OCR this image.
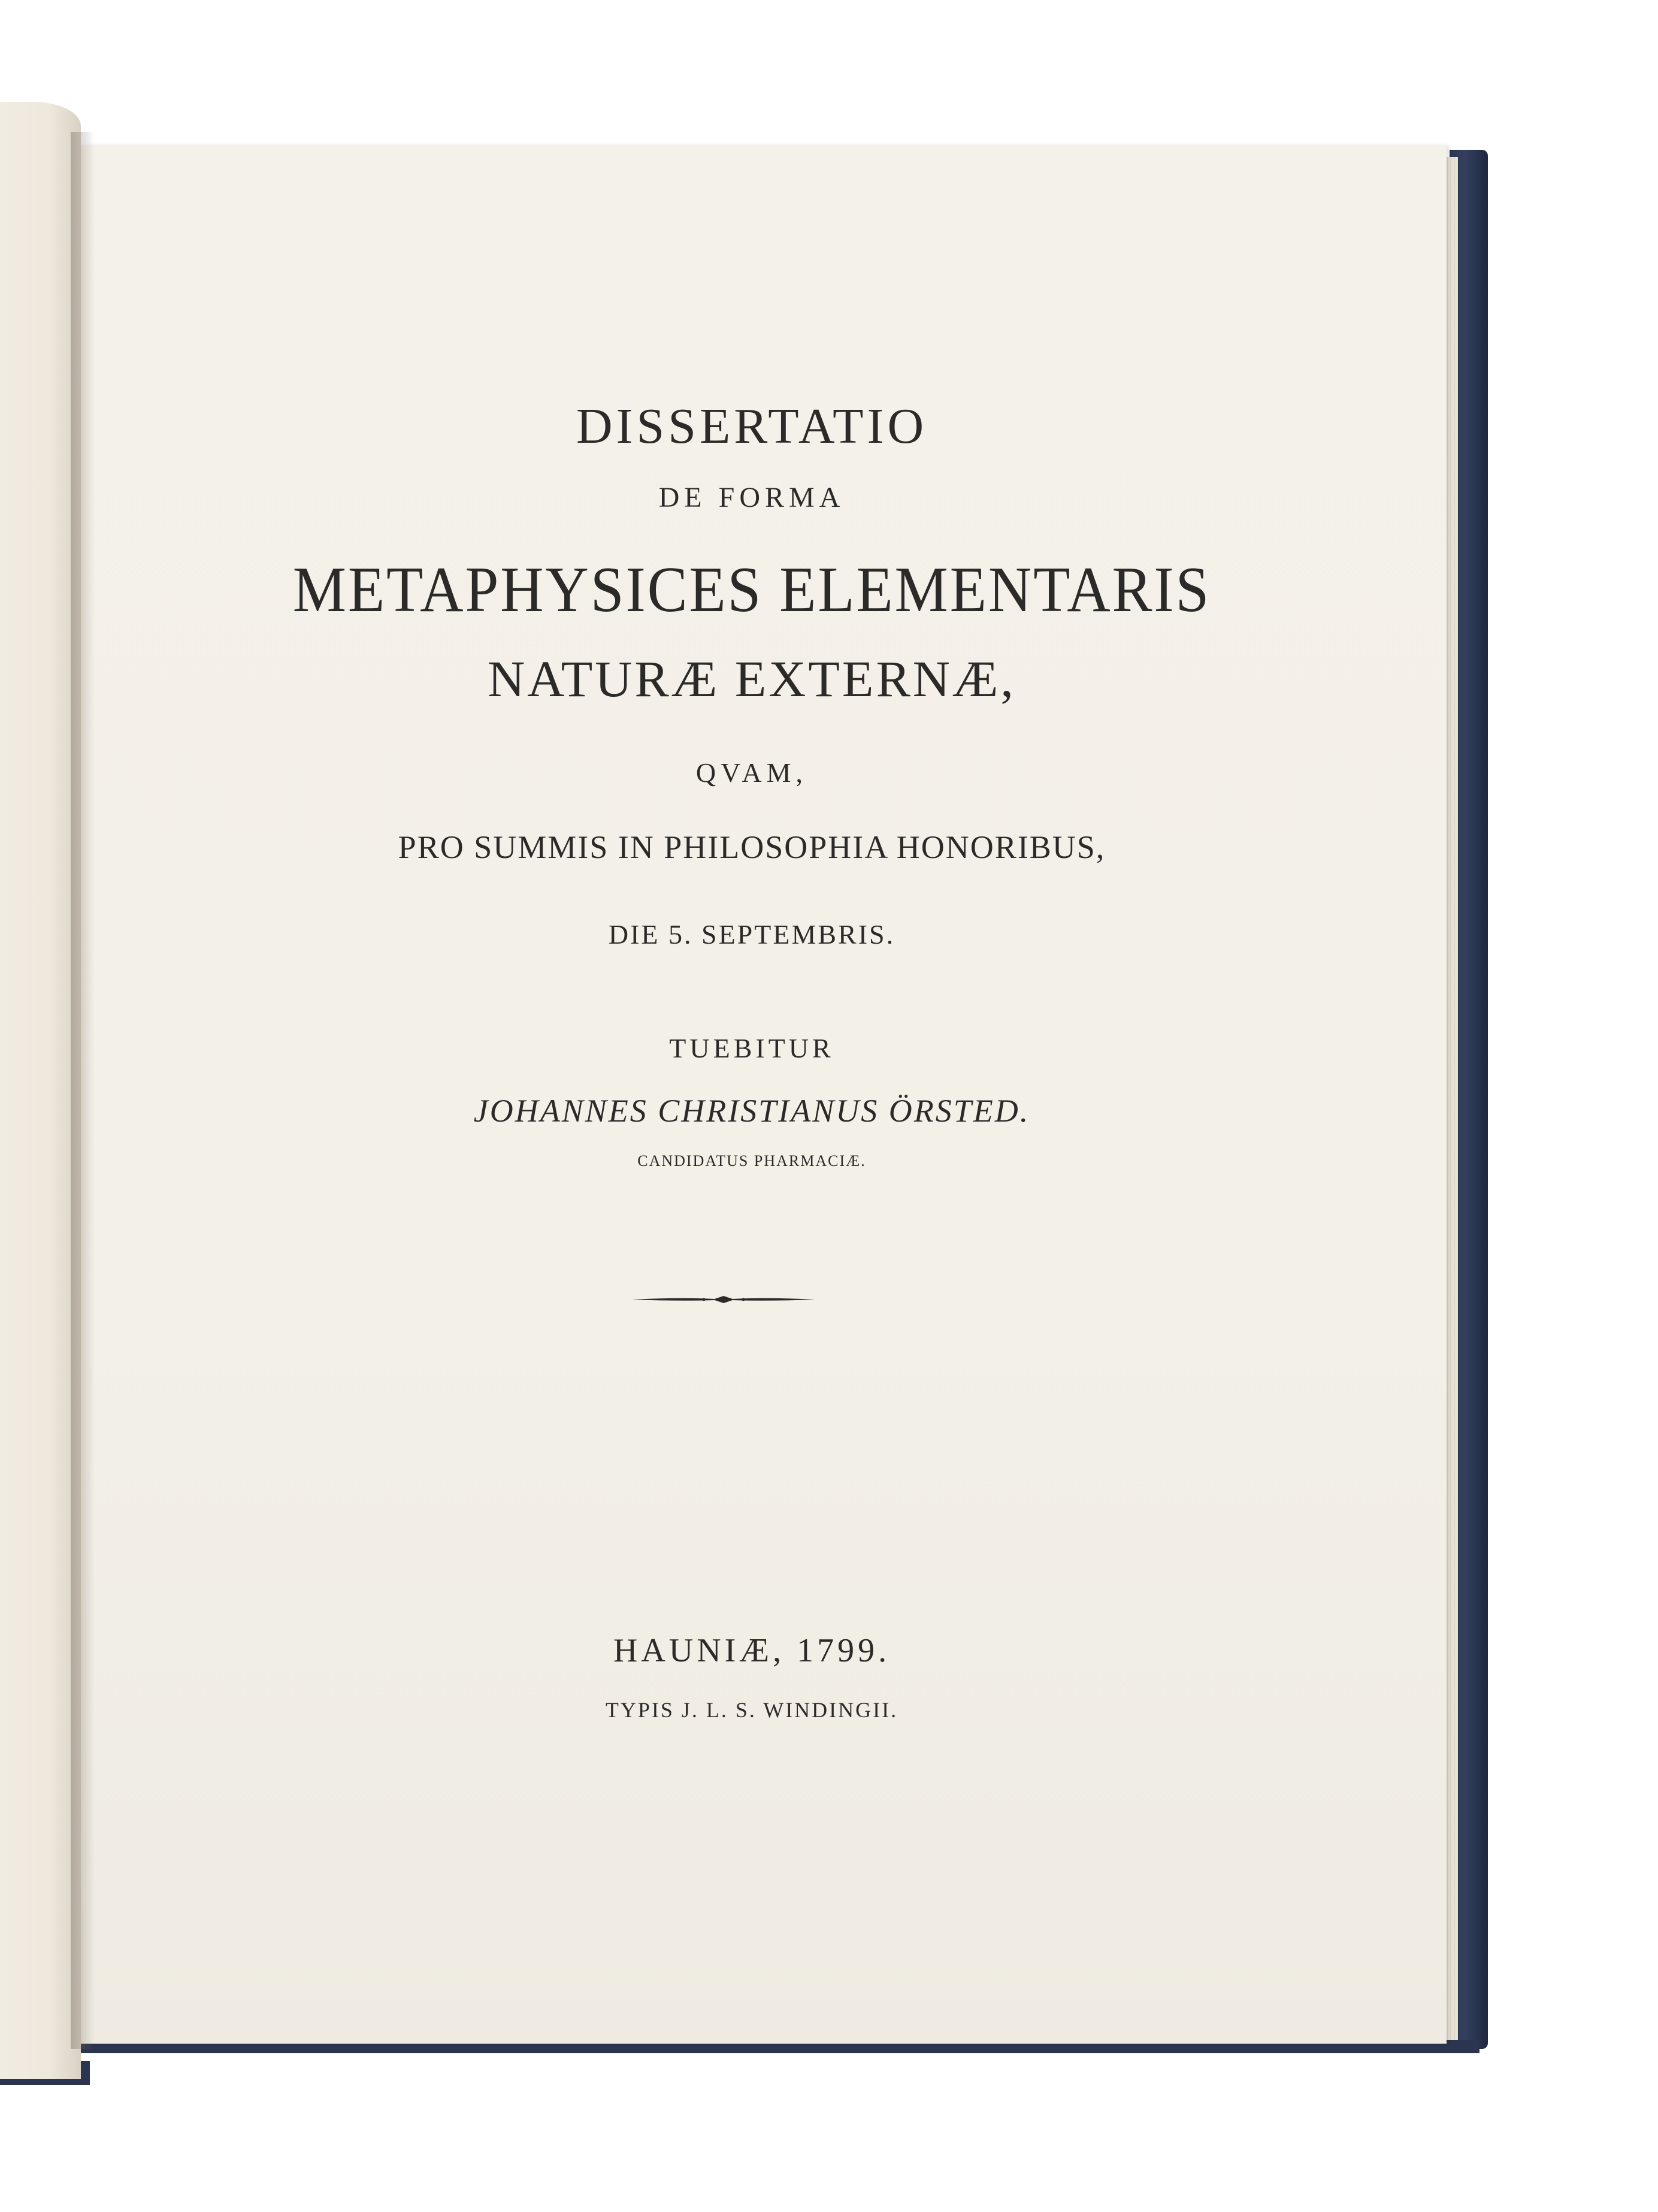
DISSERTATIO
DE FORMA
METAPHYSICES ELEMENTARIS
NATURÆ EXTERNÆ,
QVAM,
PRO SUMMIS IN PHILOSOPHIA HONORIBUS,
DIE 5. SEPTEMBRIS.
TUEBITUR
JOHANNES CHRISTIANUS ÖRSTED.
CANDIDATUS PHARMACIÆ.
HAUNIÆ, 1799.
TYPIS J. L. S. WINDINGII.
